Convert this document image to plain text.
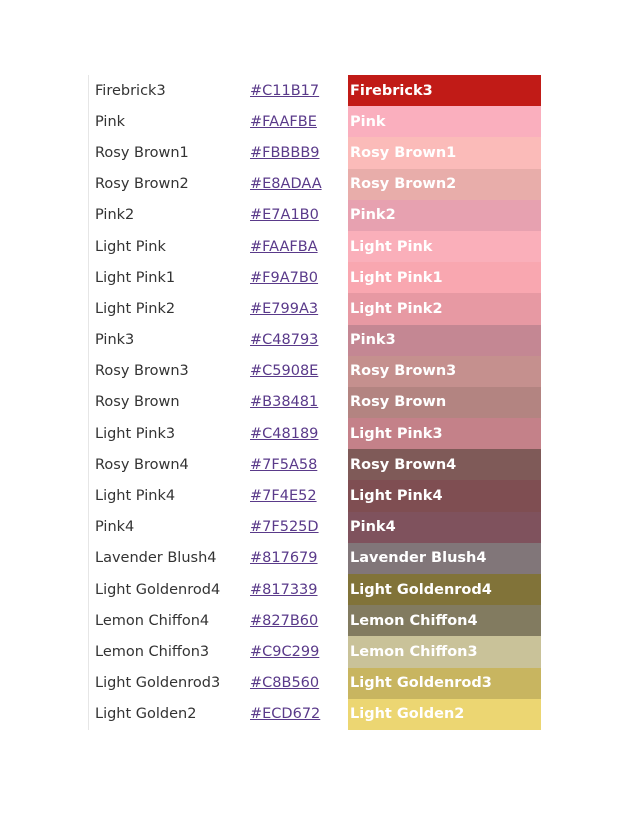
Firebrick3	#C11B17	Firebrick3
Pink	#FAAFBE	Pink
Rosy Brown1	#FBBBB9	Rosy Brown1
Rosy Brown2	#E8ADAA	Rosy Brown2
Pink2	#E7A1B0	Pink2
Light Pink	#FAAFBA	Light Pink
Light Pink1	#F9A7B0	Light Pink1
Light Pink2	#E799A3	Light Pink2
Pink3	#C48793	Pink3
Rosy Brown3	#C5908E	Rosy Brown3
Rosy Brown	#B38481	Rosy Brown
Light Pink3	#C48189	Light Pink3
Rosy Brown4	#7F5A58	Rosy Brown4
Light Pink4	#7F4E52	Light Pink4
Pink4	#7F525D	Pink4
Lavender Blush4	#817679	Lavender Blush4
Light Goldenrod4	#817339	Light Goldenrod4
Lemon Chiffon4	#827B60	Lemon Chiffon4
Lemon Chiffon3	#C9C299	Lemon Chiffon3
Light Goldenrod3	#C8B560	Light Goldenrod3
Light Golden2	#ECD672	Light Golden2
